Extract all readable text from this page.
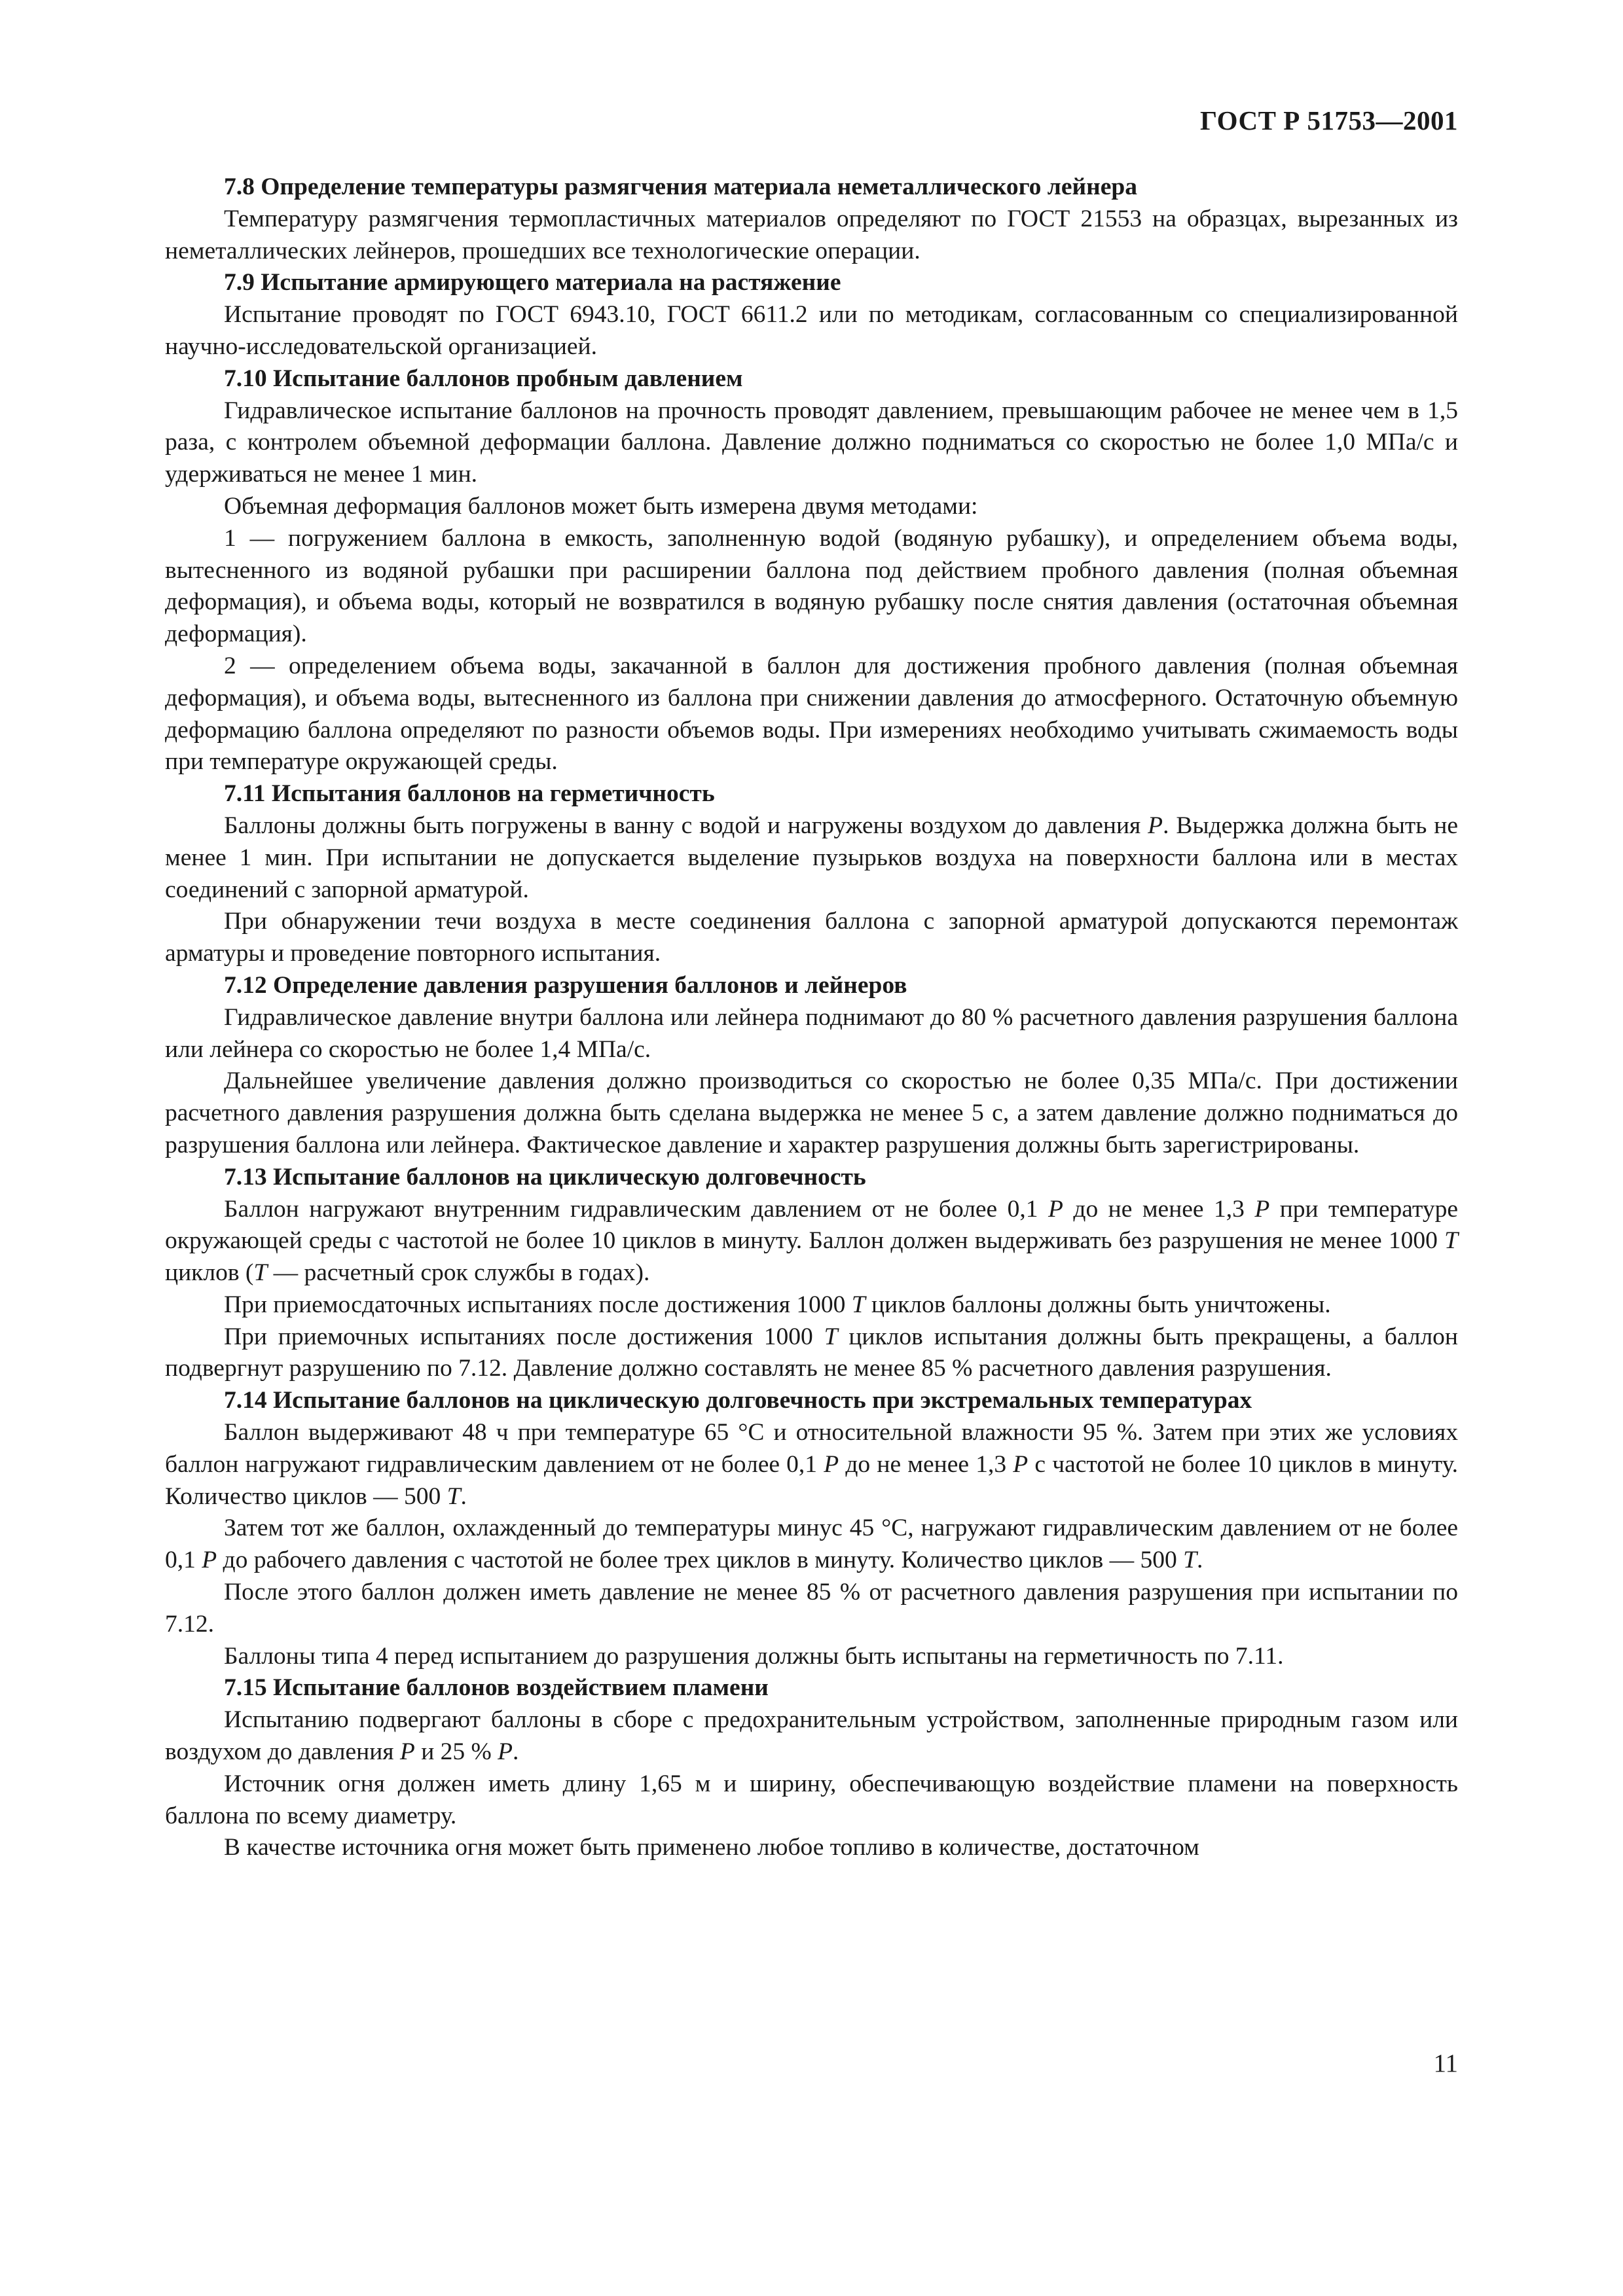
ГОСТ Р 51753—2001
7.8 Определение температуры размягчения материала неметаллического лейнера
Температуру размягчения термопластичных материалов определяют по ГОСТ 21553 на образцах, вырезанных из неметаллических лейнеров, прошедших все технологические операции.
7.9 Испытание армирующего материала на растяжение
Испытание проводят по ГОСТ 6943.10, ГОСТ 6611.2 или по методикам, согласованным со специализированной научно-исследовательской организацией.
7.10 Испытание баллонов пробным давлением
Гидравлическое испытание баллонов на прочность проводят давлением, превышающим рабочее не менее чем в 1,5 раза, с контролем объемной деформации баллона. Давление должно подниматься со скоростью не более 1,0 МПа/с и удерживаться не менее 1 мин.
Объемная деформация баллонов может быть измерена двумя методами:
1 — погружением баллона в емкость, заполненную водой (водяную рубашку), и определением объема воды, вытесненного из водяной рубашки при расширении баллона под действием пробного давления (полная объемная деформация), и объема воды, который не возвратился в водяную рубашку после снятия давления (остаточная объемная деформация).
2 — определением объема воды, закачанной в баллон для достижения пробного давления (полная объемная деформация), и объема воды, вытесненного из баллона при снижении давления до атмосферного. Остаточную объемную деформацию баллона определяют по разности объемов воды. При измерениях необходимо учитывать сжимаемость воды при температуре окружающей среды.
7.11 Испытания баллонов на герметичность
Баллоны должны быть погружены в ванну с водой и нагружены воздухом до давления P. Выдержка должна быть не менее 1 мин. При испытании не допускается выделение пузырьков воздуха на поверхности баллона или в местах соединений с запорной арматурой.
При обнаружении течи воздуха в месте соединения баллона с запорной арматурой допускаются перемонтаж арматуры и проведение повторного испытания.
7.12 Определение давления разрушения баллонов и лейнеров
Гидравлическое давление внутри баллона или лейнера поднимают до 80 % расчетного давления разрушения баллона или лейнера со скоростью не более 1,4 МПа/с.
Дальнейшее увеличение давления должно производиться со скоростью не более 0,35 МПа/с. При достижении расчетного давления разрушения должна быть сделана выдержка не менее 5 с, а затем давление должно подниматься до разрушения баллона или лейнера. Фактическое давление и характер разрушения должны быть зарегистрированы.
7.13 Испытание баллонов на циклическую долговечность
Баллон нагружают внутренним гидравлическим давлением от не более 0,1 P до не менее 1,3 P при температуре окружающей среды с частотой не более 10 циклов в минуту. Баллон должен выдерживать без разрушения не менее 1000 T циклов (T — расчетный срок службы в годах).
При приемосдаточных испытаниях после достижения 1000 T циклов баллоны должны быть уничтожены.
При приемочных испытаниях после достижения 1000 T циклов испытания должны быть прекращены, а баллон подвергнут разрушению по 7.12. Давление должно составлять не менее 85 % расчетного давления разрушения.
7.14 Испытание баллонов на циклическую долговечность при экстремальных температурах
Баллон выдерживают 48 ч при температуре 65 °С и относительной влажности 95 %. Затем при этих же условиях баллон нагружают гидравлическим давлением от не более 0,1 P до не менее 1,3 P с частотой не более 10 циклов в минуту. Количество циклов — 500 T.
Затем тот же баллон, охлажденный до температуры минус 45 °С, нагружают гидравлическим давлением от не более 0,1 P до рабочего давления с частотой не более трех циклов в минуту. Количество циклов — 500 T.
После этого баллон должен иметь давление не менее 85 % от расчетного давления разрушения при испытании по 7.12.
Баллоны типа 4 перед испытанием до разрушения должны быть испытаны на герметичность по 7.11.
7.15 Испытание баллонов воздействием пламени
Испытанию подвергают баллоны в сборе с предохранительным устройством, заполненные природным газом или воздухом до давления P и 25 % P.
Источник огня должен иметь длину 1,65 м и ширину, обеспечивающую воздействие пламени на поверхность баллона по всему диаметру.
В качестве источника огня может быть применено любое топливо в количестве, достаточном
11
